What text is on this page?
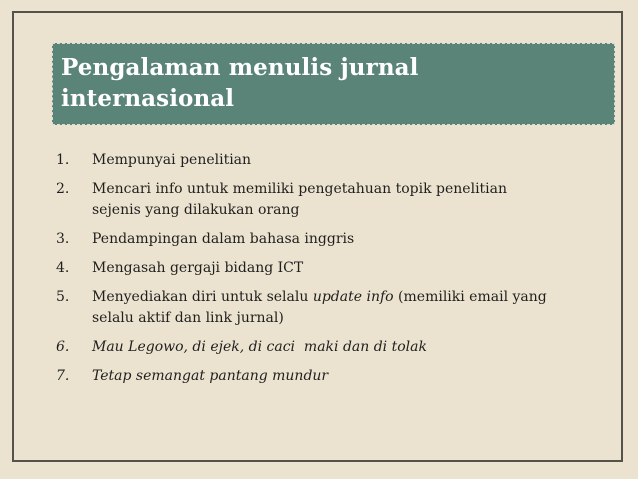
Pengalaman menulis jurnal
internasional

1. Mempunyai penelitian
2. Mencari info untuk memiliki pengetahuan topik penelitian
sejenis yang dilakukan orang
3. Pendampingan dalam bahasa inggris
4. Mengasah gergaji bidang ICT
5. Menyediakan diri untuk selalu update info (memiliki email yang
selalu aktif dan link jurnal)
6. Mau Legowo, di ejek, di caci  maki dan di tolak
7. Tetap semangat pantang mundur
